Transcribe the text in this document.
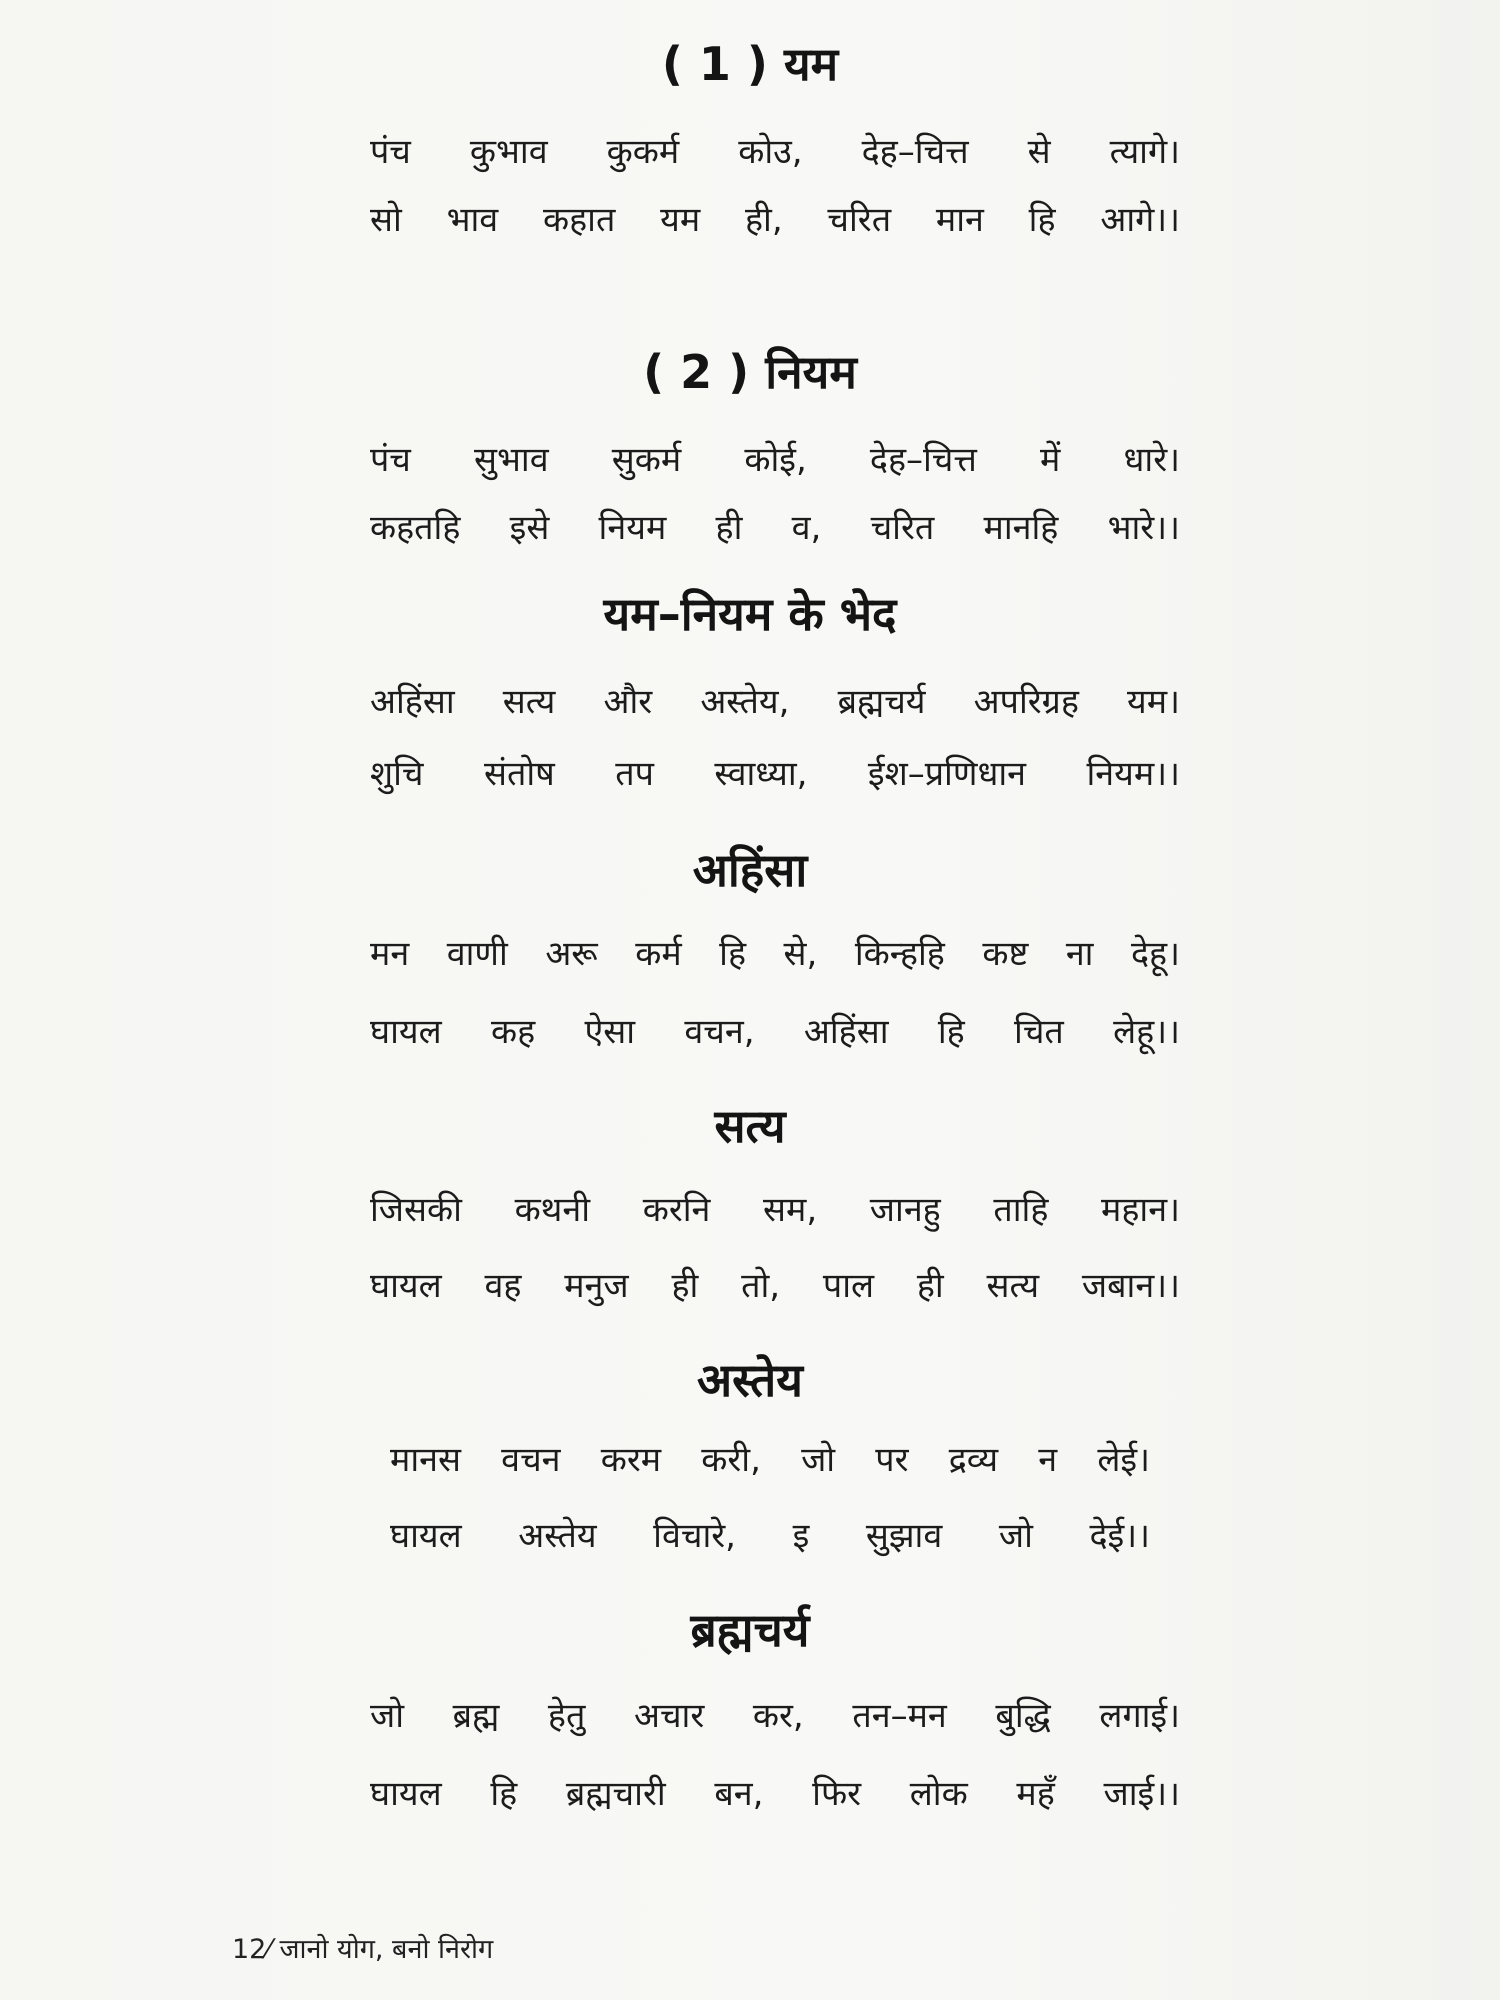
( 1 ) यम
पंच कुभाव कुकर्म कोउ, देह–चित्त से त्यागे।
सो भाव कहात यम ही, चरित मान हि आगे।।
( 2 ) नियम
पंच सुभाव सुकर्म कोई, देह–चित्त में धारे।
कहतहि इसे नियम ही व, चरित मानहि भारे।।
यम–नियम के भेद
अहिंसा सत्य और अस्तेय, ब्रह्मचर्य अपरिग्रह यम।
शुचि संतोष तप स्वाध्या, ईश–प्रणिधान नियम।।
अहिंसा
मन वाणी अरू कर्म हि से, किन्हहि कष्ट ना देहू।
घायल कह ऐसा वचन, अहिंसा हि चित लेहू।।
सत्य
जिसकी कथनी करनि सम, जानहु ताहि महान।
घायल वह मनुज ही तो, पाल ही सत्य जबान।।
अस्तेय
मानस वचन करम करी, जो पर द्रव्य न लेई।
घायल अस्तेय विचारे, इ सुझाव जो देई।।
ब्रह्मचर्य
जो ब्रह्म हेतु अचार कर, तन–मन बुद्धि लगाई।
घायल हि ब्रह्मचारी बन, फिर लोक महँ जाई।।
12⁄ जानो योग, बनो निरोग
